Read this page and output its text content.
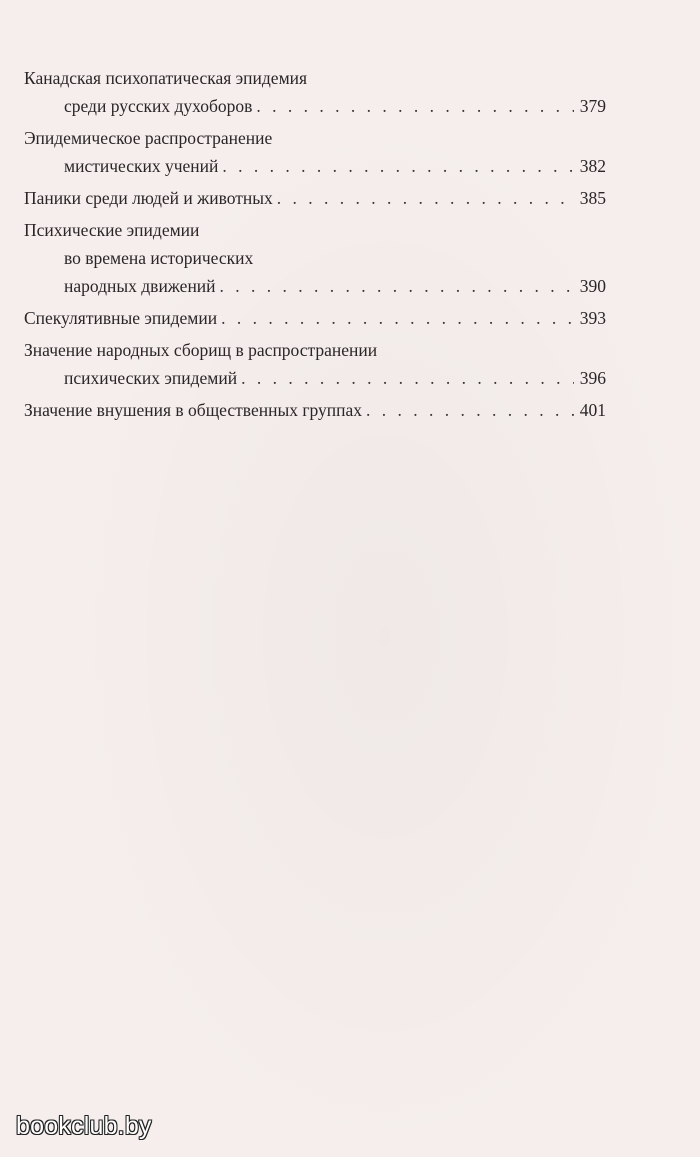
Канадская психопатическая эпидемия
среди русских духоборов . . .	379
Эпидемическое распространение
мистических учений . . .	382
Паники среди людей и животных . . .	385
Психические эпидемии
во времена исторических
народных движений . . .	390
Спекулятивные эпидемии . . .	393
Значение народных сборищ в распространении
психических эпидемий . . .	396
Значение внушения в общественных группах . . .	401
bookclub.by
